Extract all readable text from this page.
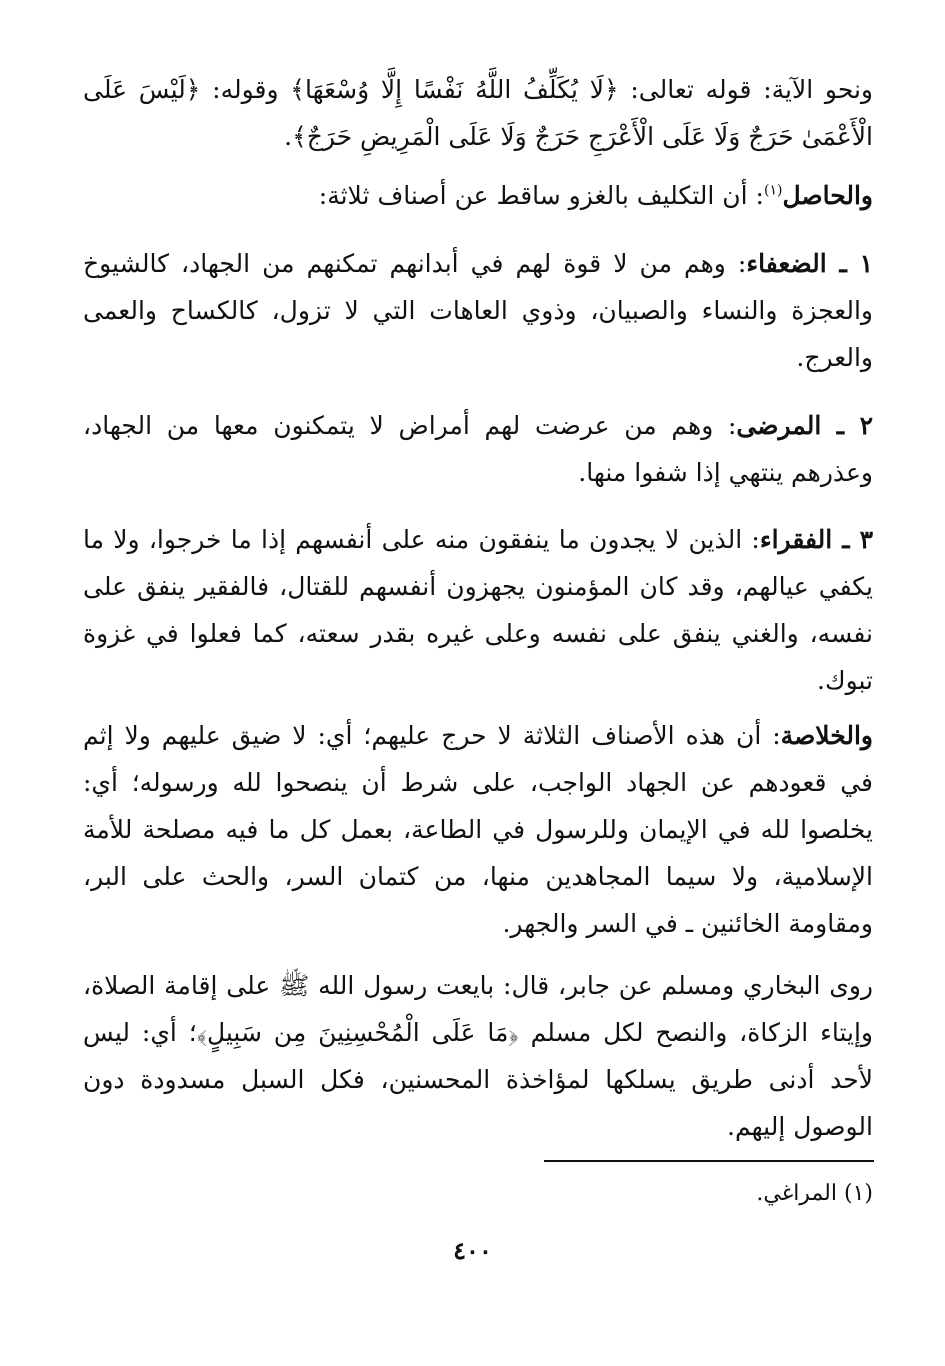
ونحو الآية: قوله تعالى: ﴿لَا يُكَلِّفُ اللَّهُ نَفْسًا إِلَّا وُسْعَهَا﴾ وقوله: ﴿لَيْسَ عَلَى الْأَعْمَىٰ حَرَجٌ وَلَا عَلَى الْأَعْرَجِ حَرَجٌ وَلَا عَلَى الْمَرِيضِ حَرَجٌ﴾.

والحاصل$^{(١)}$: أن التكليف بالغزو ساقط عن أصناف ثلاثة:

١ ـ الضعفاء: وهم من لا قوة لهم في أبدانهم تمكنهم من الجهاد، كالشيوخ والعجزة والنساء والصبيان، وذوي العاهات التي لا تزول، كالكساح والعمى والعرج.

٢ ـ المرضى: وهم من عرضت لهم أمراض لا يتمكنون معها من الجهاد، وعذرهم ينتهي إذا شفوا منها.

٣ ـ الفقراء: الذين لا يجدون ما ينفقون منه على أنفسهم إذا ما خرجوا، ولا ما يكفي عيالهم، وقد كان المؤمنون يجهزون أنفسهم للقتال، فالفقير ينفق على نفسه، والغني ينفق على نفسه وعلى غيره بقدر سعته، كما فعلوا في غزوة تبوك.

والخلاصة: أن هذه الأصناف الثلاثة لا حرج عليهم؛ أي: لا ضيق عليهم ولا إثم في قعودهم عن الجهاد الواجب، على شرط أن ينصحوا لله ورسوله؛ أي: يخلصوا لله في الإيمان وللرسول في الطاعة، بعمل كل ما فيه مصلحة للأمة الإسلامية، ولا سيما المجاهدين منها، من كتمان السر، والحث على البر، ومقاومة الخائنين ـ في السر والجهر.

روى البخاري ومسلم عن جابر، قال: بايعت رسول الله ﷺ على إقامة الصلاة، وإيتاء الزكاة، والنصح لكل مسلم ﴿مَا عَلَى الْمُحْسِنِينَ مِن سَبِيلٍ﴾؛ أي: ليس لأحد أدنى طريق يسلكها لمؤاخذة المحسنين، فكل السبل مسدودة دون الوصول إليهم.

(١) المراغي.
٤٠٠
